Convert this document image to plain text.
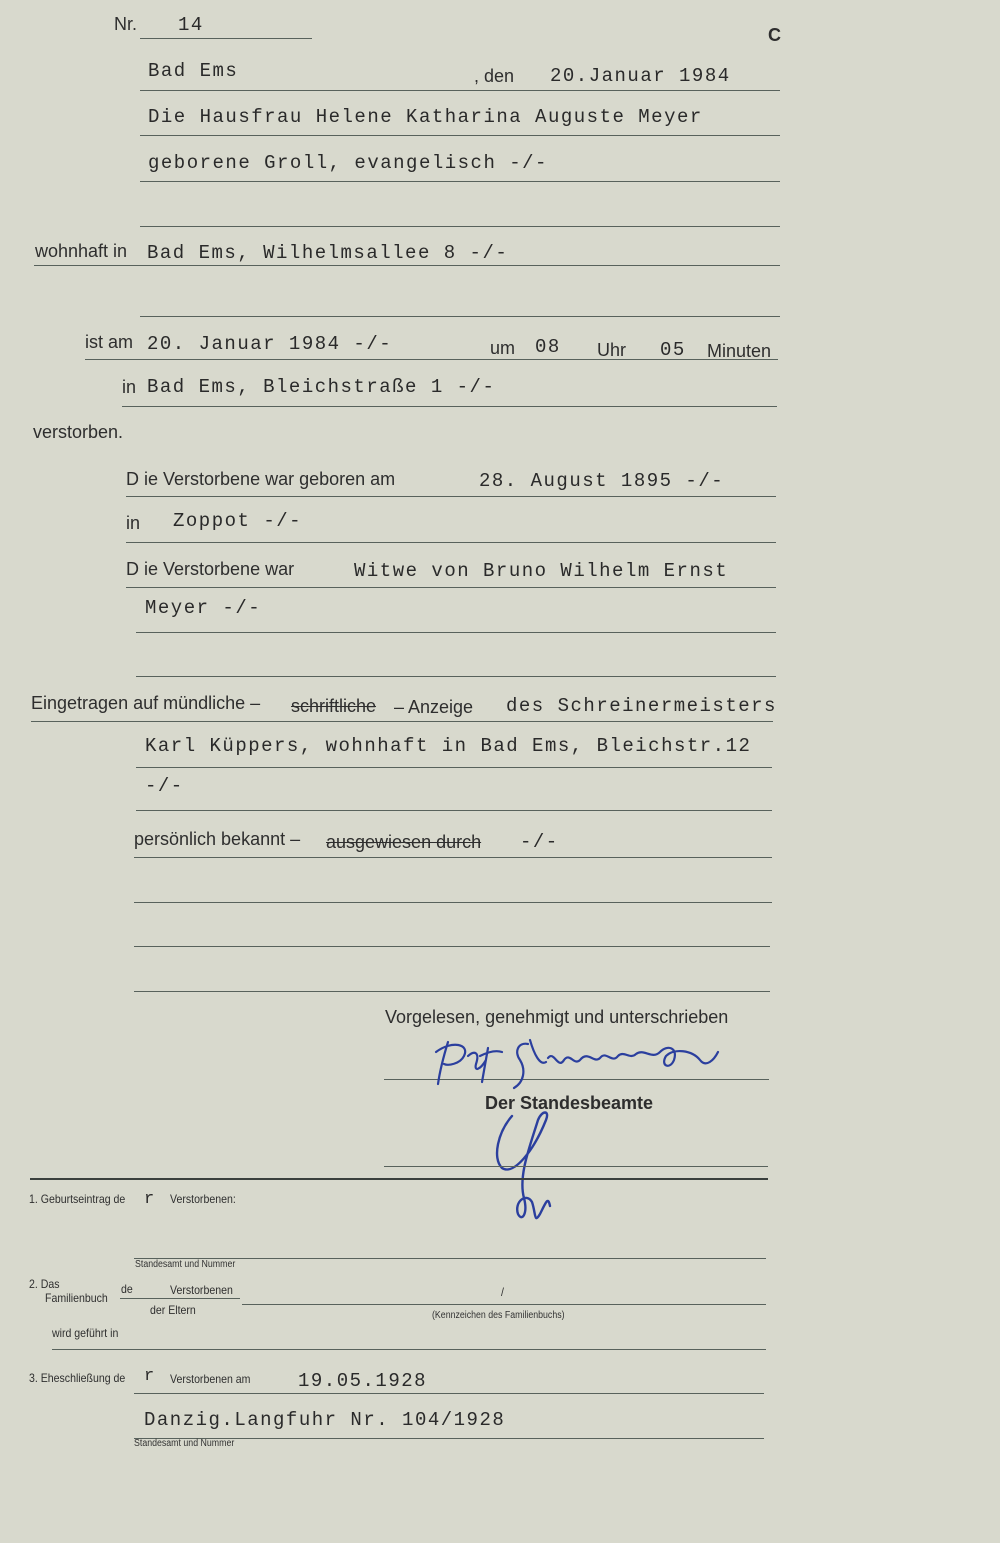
Nr. 14	C
Bad Ems	, den 20.Januar 1984
Die Hausfrau Helene Katharina Auguste Meyer
geborene Groll, evangelisch -/-
wohnhaft in Bad Ems, Wilhelmsallee 8 -/-
ist am 20. Januar 1984 -/-	um 08 Uhr 05 Minuten
in Bad Ems, Bleichstraße 1 -/-
verstorben.
D ie Verstorbene war geboren am	28. August 1895 -/-
in Zoppot -/-
D ie Verstorbene war	Witwe von Bruno Wilhelm Ernst
Meyer -/-
Eingetragen auf mündliche – schriftliche – Anzeige des Schreinermeisters
Karl Küppers, wohnhaft in Bad Ems, Bleichstr.12
-/-
persönlich bekannt – ausgewiesen durch -/-
Vorgelesen, genehmigt und unterschrieben
Der Standesbeamte
1. Geburtseintrag de r Verstorbenen:
Standesamt und Nummer
2. Das
Familienbuch
de	Verstorbenen
der Eltern
/
(Kennzeichen des Familienbuchs)
wird geführt in
3. Eheschließung de r Verstorbenen am	19.05.1928
Danzig.Langfuhr Nr. 104/1928
Standesamt und Nummer
